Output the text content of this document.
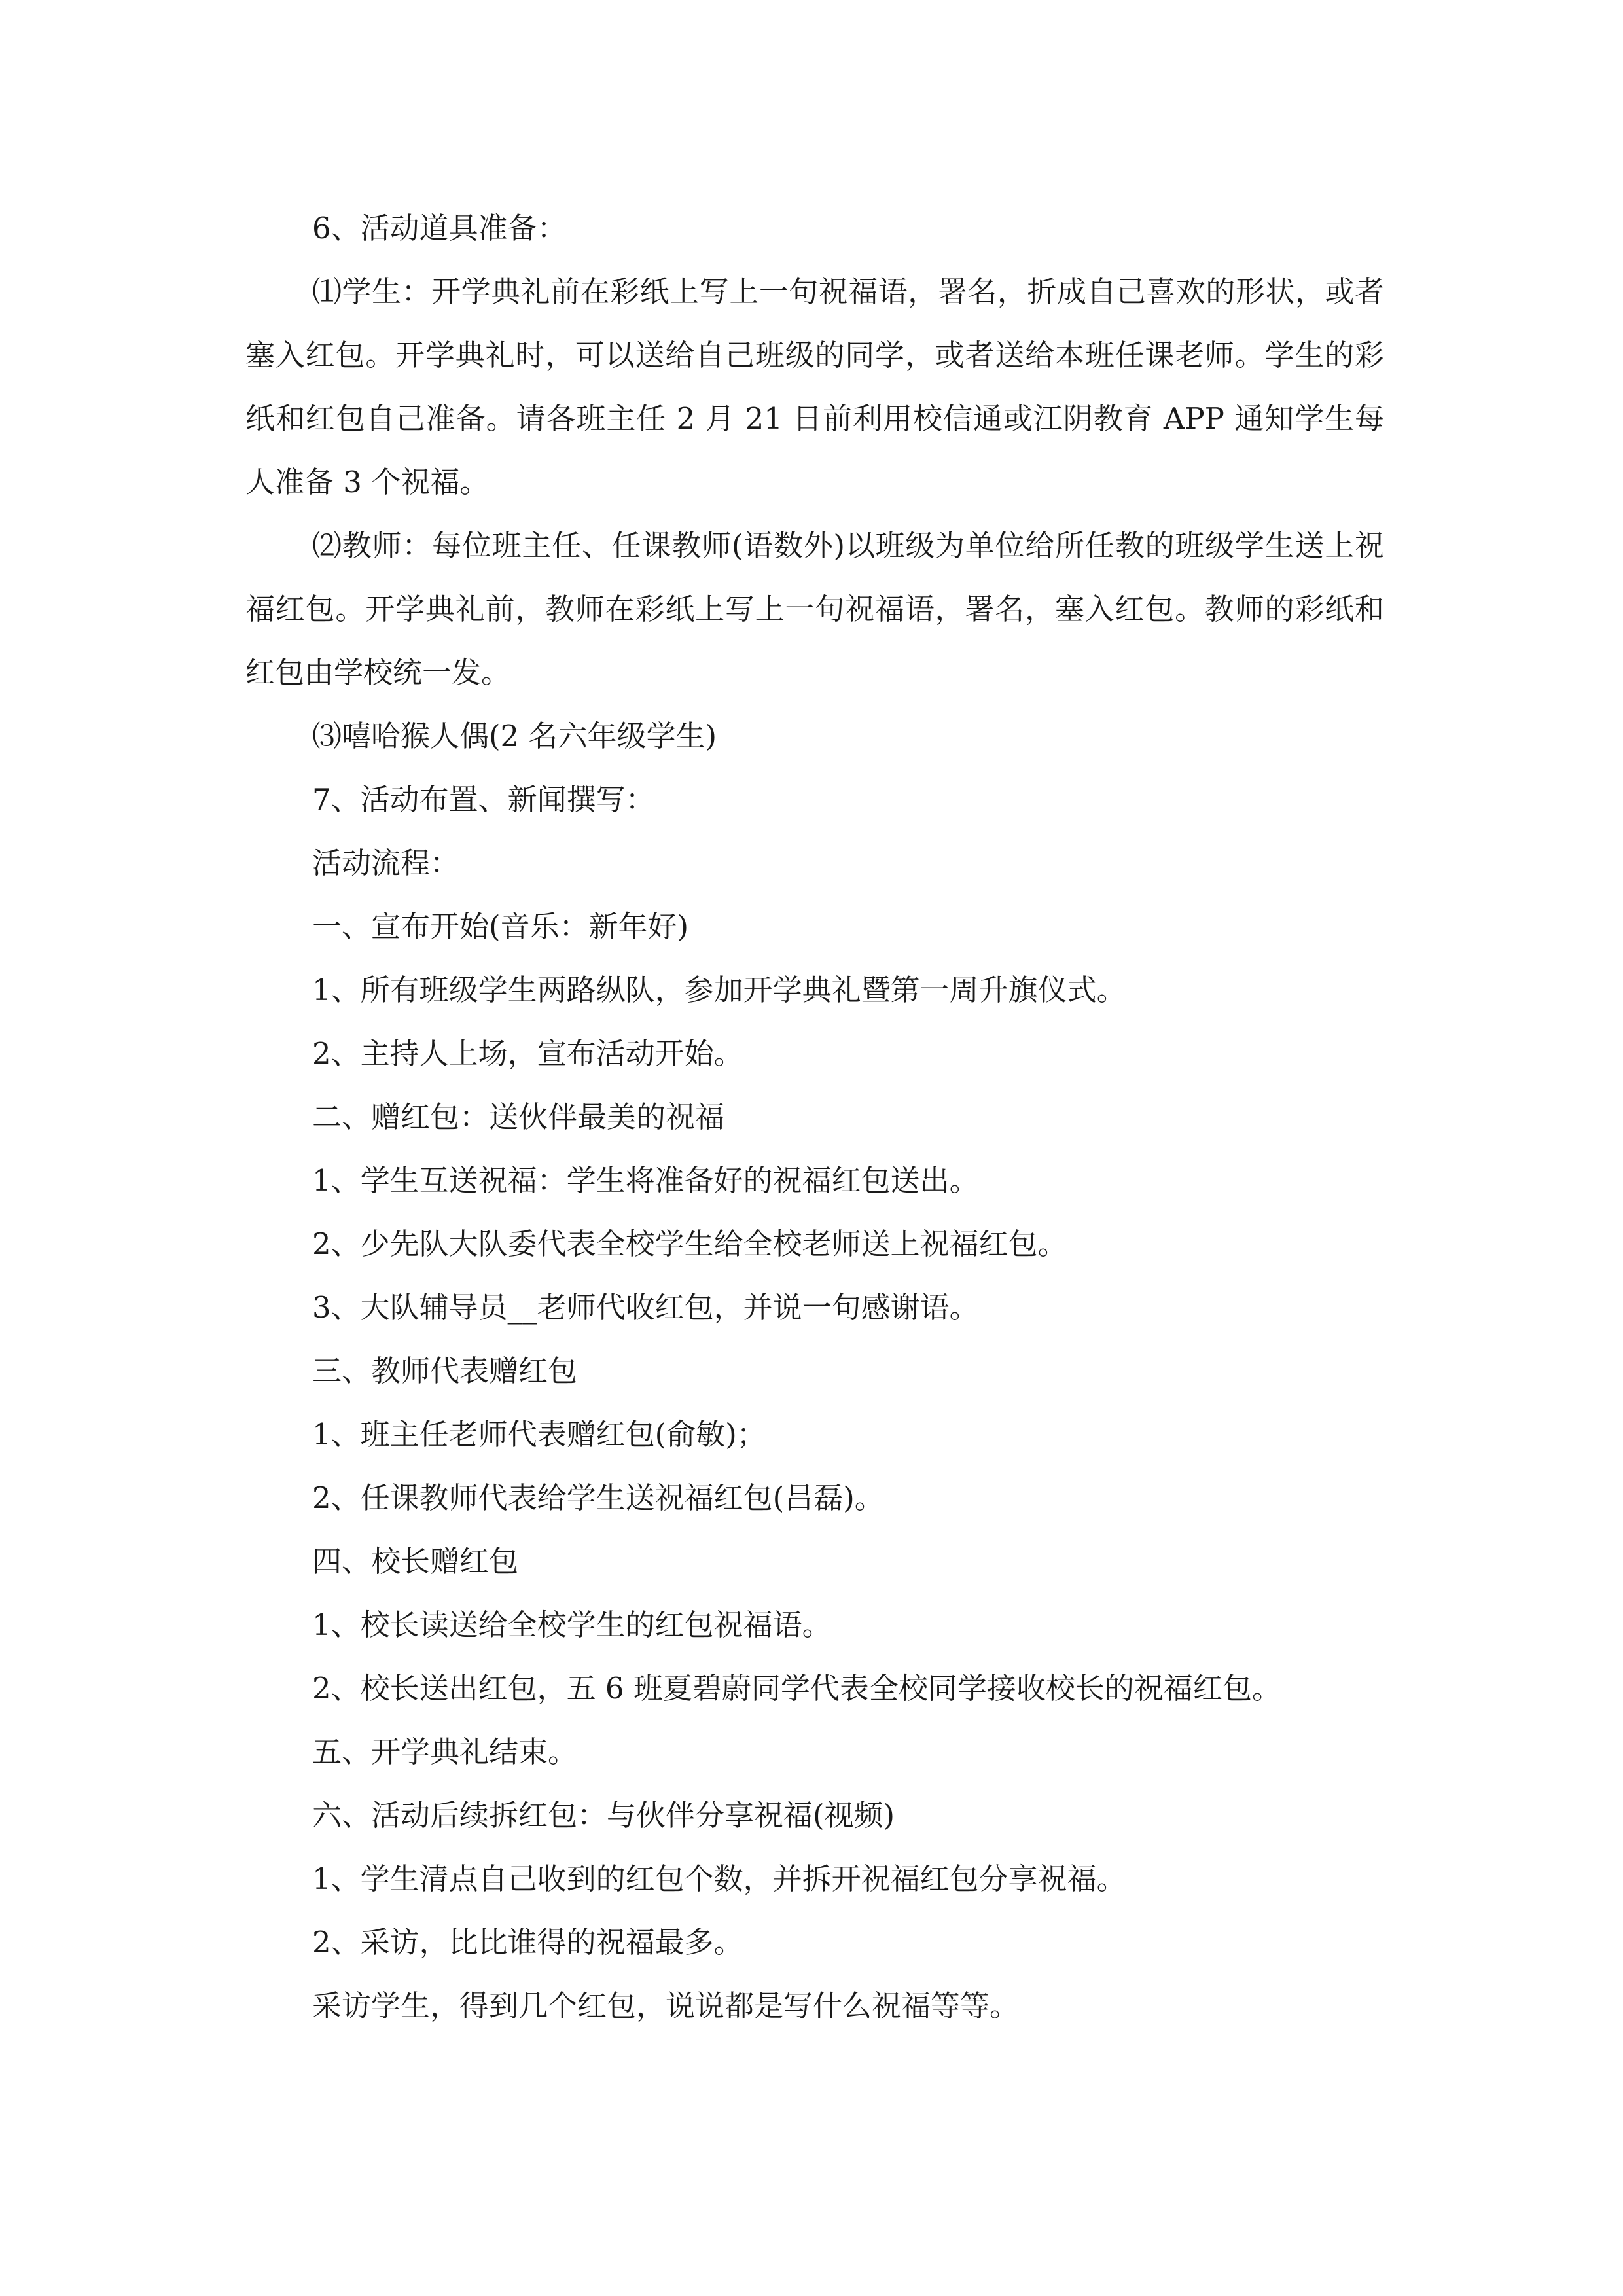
6、活动道具准备：

⑴学生：开学典礼前在彩纸上写上一句祝福语，署名，折成自己喜欢的形状，或者塞入红包。开学典礼时，可以送给自己班级的同学，或者送给本班任课老师。学生的彩纸和红包自己准备。请各班主任 2 月 21 日前利用校信通或江阴教育 APP 通知学生每人准备 3 个祝福。

⑵教师：每位班主任、任课教师(语数外)以班级为单位给所任教的班级学生送上祝福红包。开学典礼前，教师在彩纸上写上一句祝福语，署名，塞入红包。教师的彩纸和红包由学校统一发。

⑶嘻哈猴人偶(2 名六年级学生)

7、活动布置、新闻撰写：

活动流程：

一、宣布开始(音乐：新年好)

1、所有班级学生两路纵队，参加开学典礼暨第一周升旗仪式。

2、主持人上场，宣布活动开始。

二、赠红包：送伙伴最美的祝福

1、学生互送祝福：学生将准备好的祝福红包送出。

2、少先队大队委代表全校学生给全校老师送上祝福红包。

3、大队辅导员__老师代收红包，并说一句感谢语。

三、教师代表赠红包

1、班主任老师代表赠红包(俞敏)；

2、任课教师代表给学生送祝福红包(吕磊)。

四、校长赠红包

1、校长读送给全校学生的红包祝福语。

2、校长送出红包，五 6 班夏碧蔚同学代表全校同学接收校长的祝福红包。

五、开学典礼结束。

六、活动后续拆红包：与伙伴分享祝福(视频)

1、学生清点自己收到的红包个数，并拆开祝福红包分享祝福。

2、采访，比比谁得的祝福最多。

采访学生，得到几个红包，说说都是写什么祝福等等。
